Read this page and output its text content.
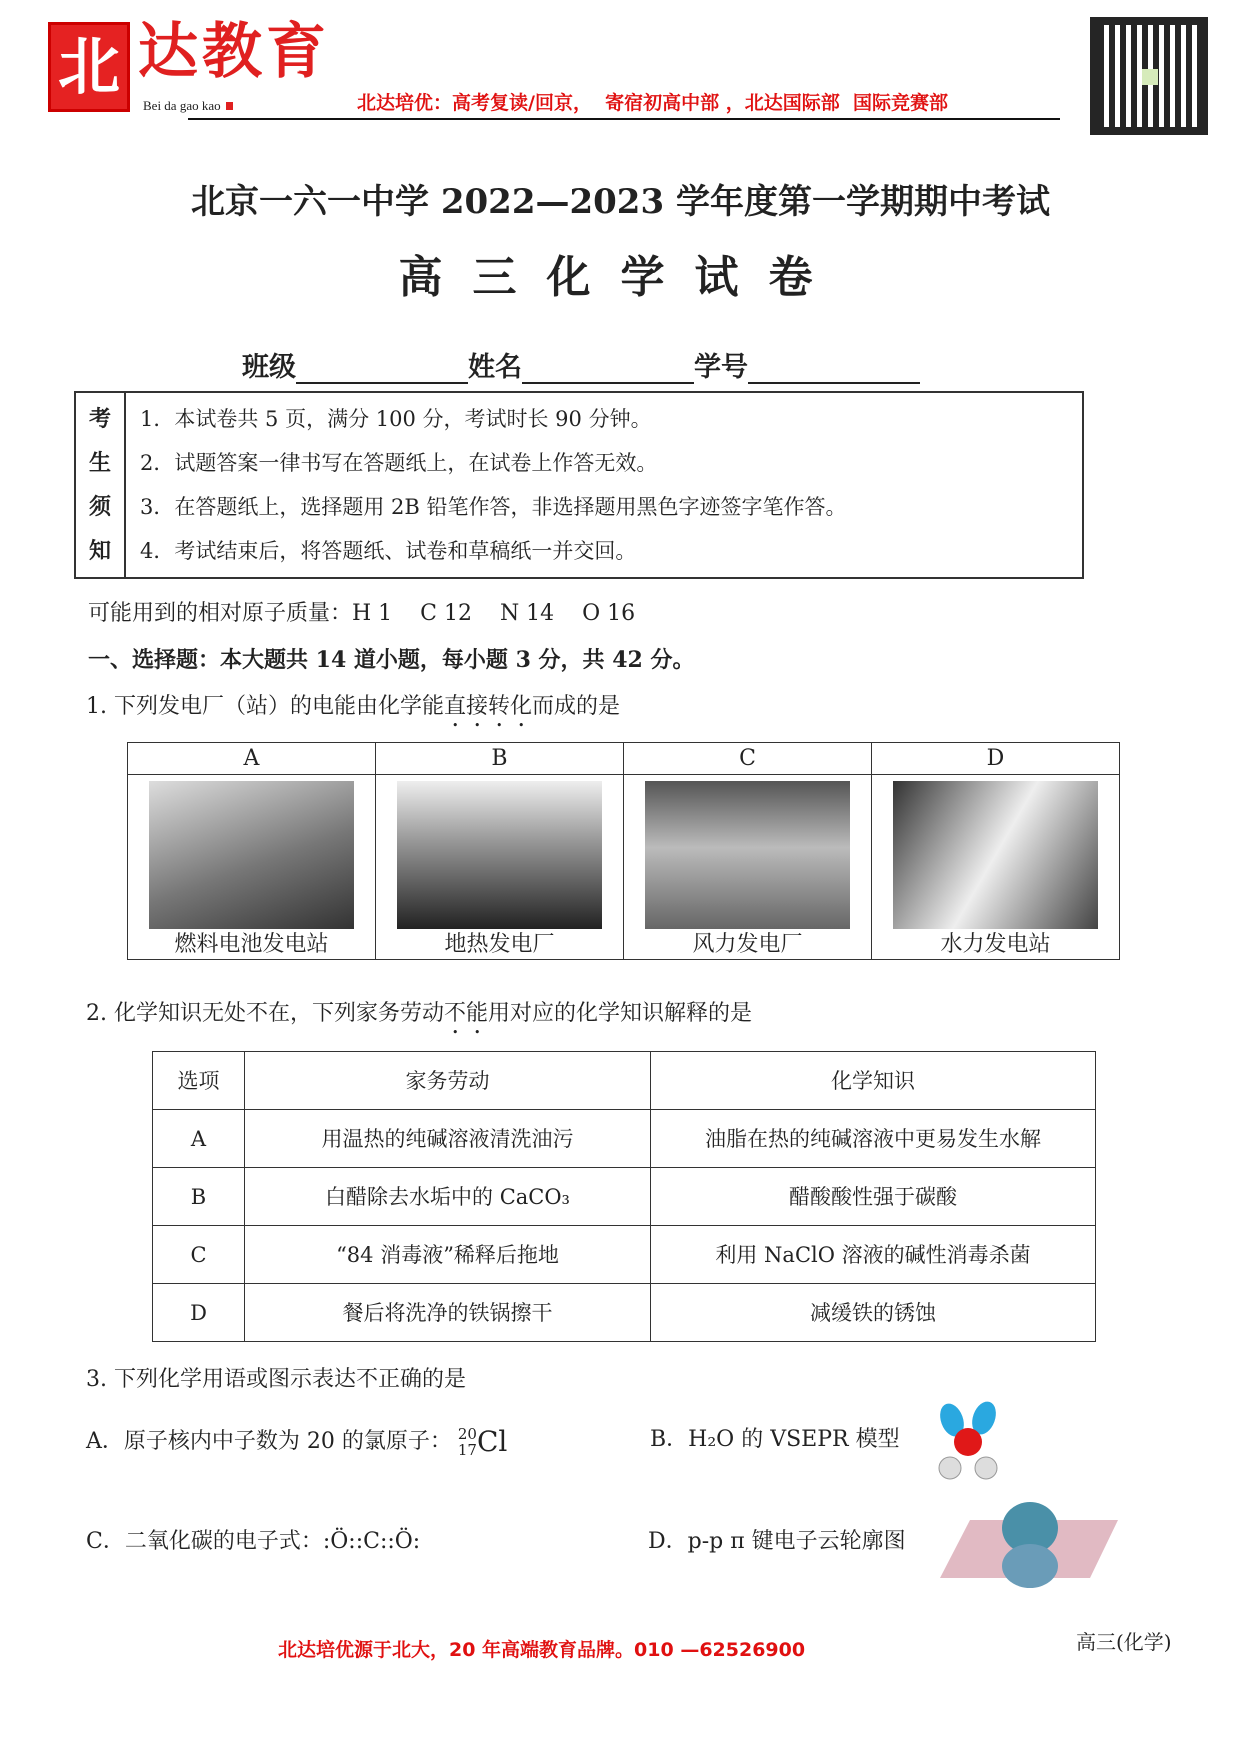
北 达教育
Bei da gao kao	北达培优：高考复读/回京，  寄宿初高中部 ，北达国际部  国际竞赛部
北京一六一中学 2022—2023 学年度第一学期期中考试
高三化学试卷
班级	姓名	学号
考
生
须
知
1．本试卷共 5 页，满分 100 分，考试时长 90 分钟。
2．试题答案一律书写在答题纸上，在试卷上作答无效。
3．在答题纸上，选择题用 2B 铅笔作答，非选择题用黑色字迹签字笔作答。
4．考试结束后，将答题纸、试卷和草稿纸一并交回。
可能用到的相对原子质量：H 1    C 12    N 14    O 16
一、选择题：本大题共 14 道小题，每小题 3 分，共 42 分。
1. 下列发电厂（站）的电能由化学能直接转化而成的是
A	B	C	D

燃料电池发电站	地热发电厂	风力发电厂	水力发电站
2. 化学知识无处不在，下列家务劳动不能用对应的化学知识解释的是
选项	家务劳动	化学知识
A	用温热的纯碱溶液清洗油污	油脂在热的纯碱溶液中更易发生水解
B	白醋除去水垢中的 CaCO₃	醋酸酸性强于碳酸
C	“84 消毒液”稀释后拖地	利用 NaClO 溶液的碱性消毒杀菌
D	餐后将洗净的铁锅擦干	减缓铁的锈蚀
3. 下列化学用语或图示表达不正确的是
A．原子核内中子数为 20 的氯原子： 20
17 Cl	B．H₂O 的 VSEPR 模型
C．二氧化碳的电子式： :Ö::C::Ö:	D．p-p π 键电子云轮廓图
北达培优源于北大，20 年高端教育品牌。010 —62526900	高三(化学)
